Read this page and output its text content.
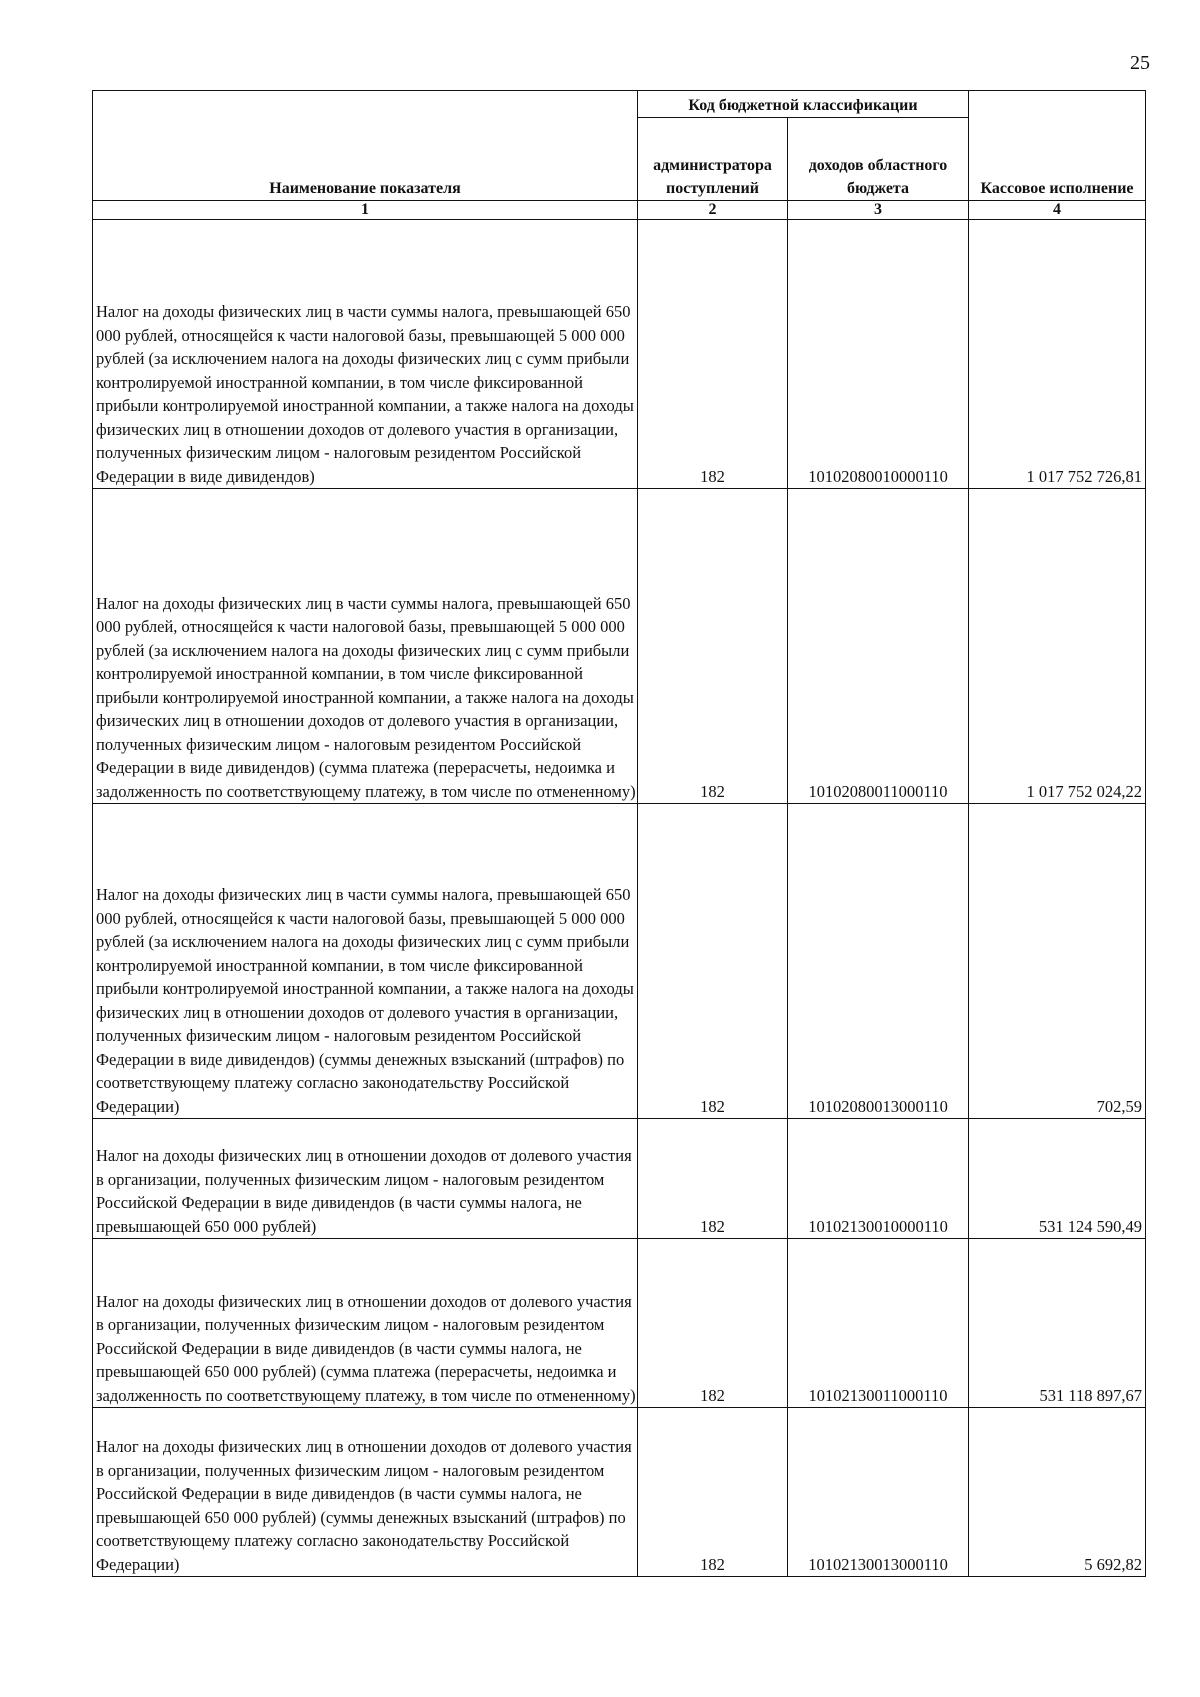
25
Наименование показателя	Код бюджетной классификации		Кассовое исполнение
	администратора поступлений	доходов областного бюджета	
1	2	3	4
Налог на доходы физических лиц в части суммы налога, превышающей 650 000 рублей, относящейся к части налоговой базы, превышающей 5 000 000 рублей (за исключением налога на доходы физических лиц с сумм прибыли контролируемой иностранной компании, в том числе фиксированной прибыли контролируемой иностранной компании, а также налога на доходы физических лиц в отношении доходов от долевого участия в организации, полученных физическим лицом - налоговым резидентом Российской Федерации в виде дивидендов)	182	10102080010000110	1 017 752 726,81
Налог на доходы физических лиц в части суммы налога, превышающей 650 000 рублей, относящейся к части налоговой базы, превышающей 5 000 000 рублей (за исключением налога на доходы физических лиц с сумм прибыли контролируемой иностранной компании, в том числе фиксированной прибыли контролируемой иностранной компании, а также налога на доходы физических лиц в отношении доходов от долевого участия в организации, полученных физическим лицом - налоговым резидентом Российской Федерации в виде дивидендов) (сумма платежа (перерасчеты, недоимка и задолженность по соответствующему платежу, в том числе по отмененному)	182	10102080011000110	1 017 752 024,22
Налог на доходы физических лиц в части суммы налога, превышающей 650 000 рублей, относящейся к части налоговой базы, превышающей 5 000 000 рублей (за исключением налога на доходы физических лиц с сумм прибыли контролируемой иностранной компании, в том числе фиксированной прибыли контролируемой иностранной компании, а также налога на доходы физических лиц в отношении доходов от долевого участия в организации, полученных физическим лицом - налоговым резидентом Российской Федерации в виде дивидендов) (суммы денежных взысканий (штрафов) по соответствующему платежу согласно законодательству Российской Федерации)	182	10102080013000110	702,59
Налог на доходы физических лиц в отношении доходов от долевого участия в организации, полученных физическим лицом - налоговым резидентом Российской Федерации в виде дивидендов (в части суммы налога, не превышающей 650 000 рублей)	182	10102130010000110	531 124 590,49
Налог на доходы физических лиц в отношении доходов от долевого участия в организации, полученных физическим лицом - налоговым резидентом Российской Федерации в виде дивидендов (в части суммы налога, не превышающей 650 000 рублей) (сумма платежа (перерасчеты, недоимка и задолженность по соответствующему платежу, в том числе по отмененному)	182	10102130011000110	531 118 897,67
Налог на доходы физических лиц в отношении доходов от долевого участия в организации, полученных физическим лицом - налоговым резидентом Российской Федерации в виде дивидендов (в части суммы налога, не превышающей 650 000 рублей) (суммы денежных взысканий (штрафов) по соответствующему платежу согласно законодательству Российской Федерации)	182	10102130013000110	5 692,82
